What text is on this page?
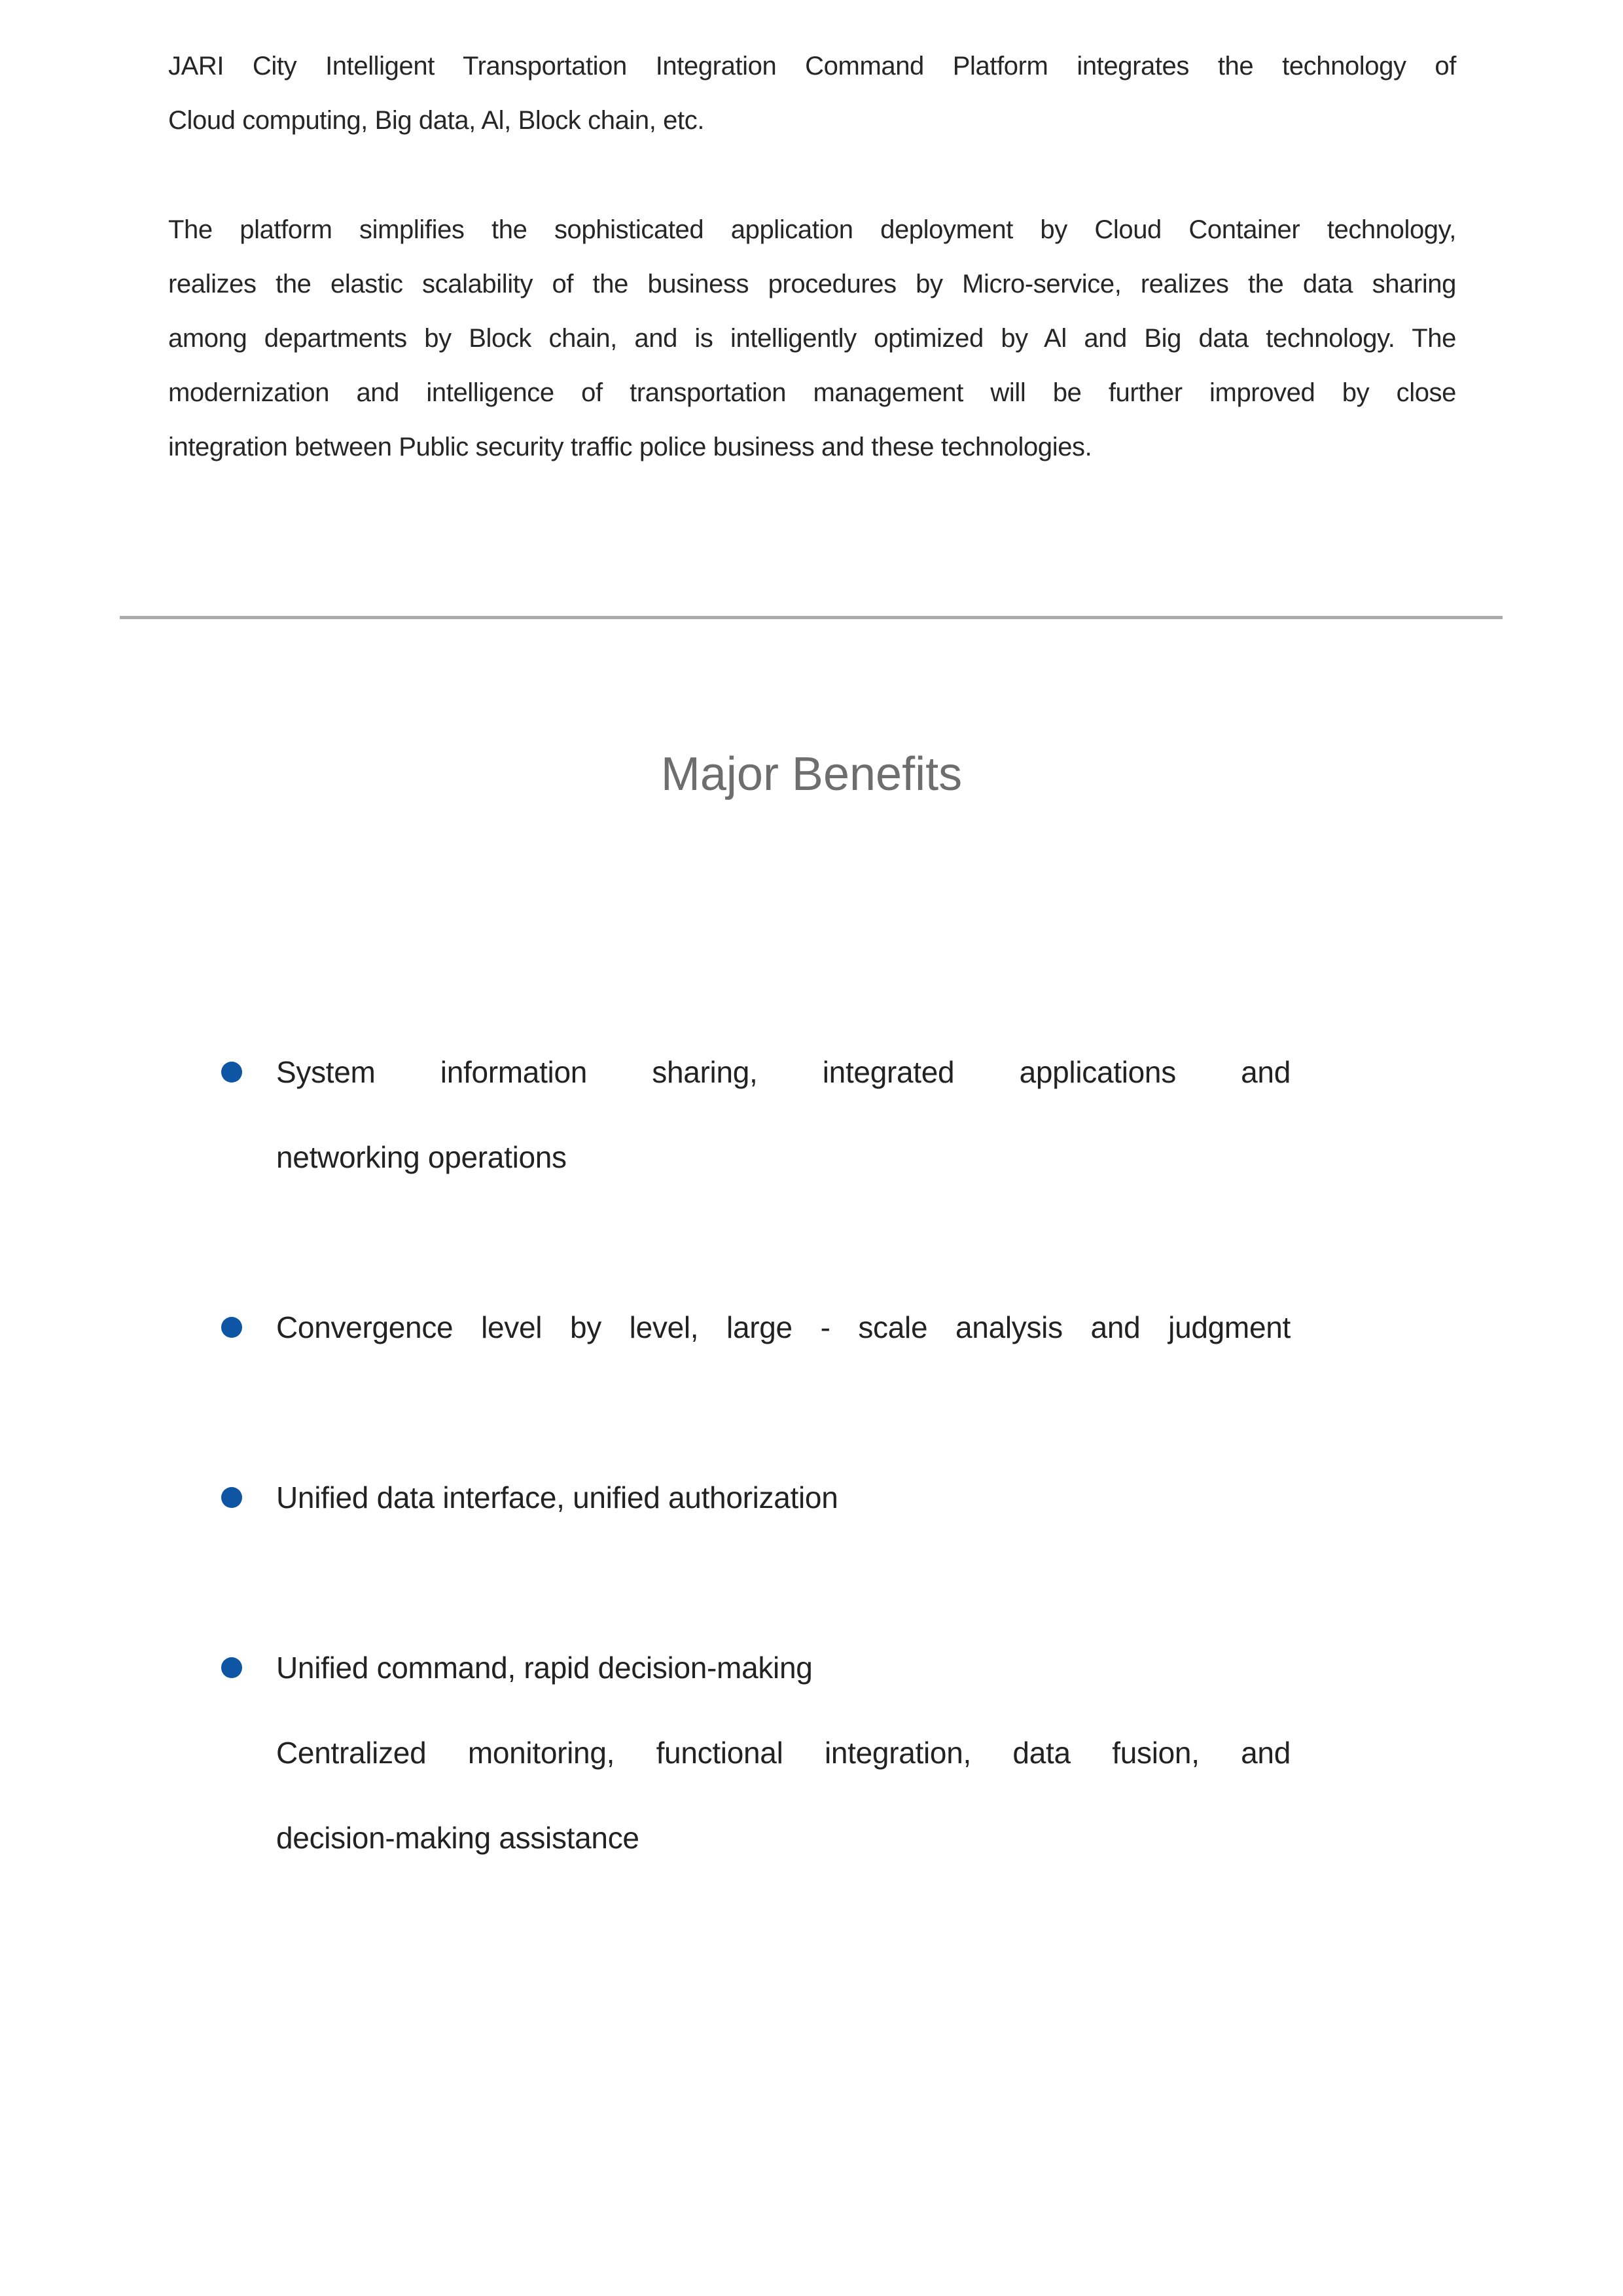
JARI City Intelligent Transportation Integration Command Platform integrates the technology of
Cloud computing, Big data, Al, Block chain, etc.
The platform simplifies the sophisticated application deployment by Cloud Container technology,
realizes the elastic scalability of the business procedures by Micro-service, realizes the data sharing
among departments by Block chain, and is intelligently optimized by Al and Big data technology. The
modernization and intelligence of transportation management will be further improved by close
integration between Public security traffic police business and these technologies.
Major Benefits
System information sharing, integrated applications and
networking operations
Convergence level by level, large - scale analysis and judgment
Unified data interface, unified authorization
Unified command, rapid decision-making
Centralized monitoring, functional integration, data fusion, and
decision-making assistance
